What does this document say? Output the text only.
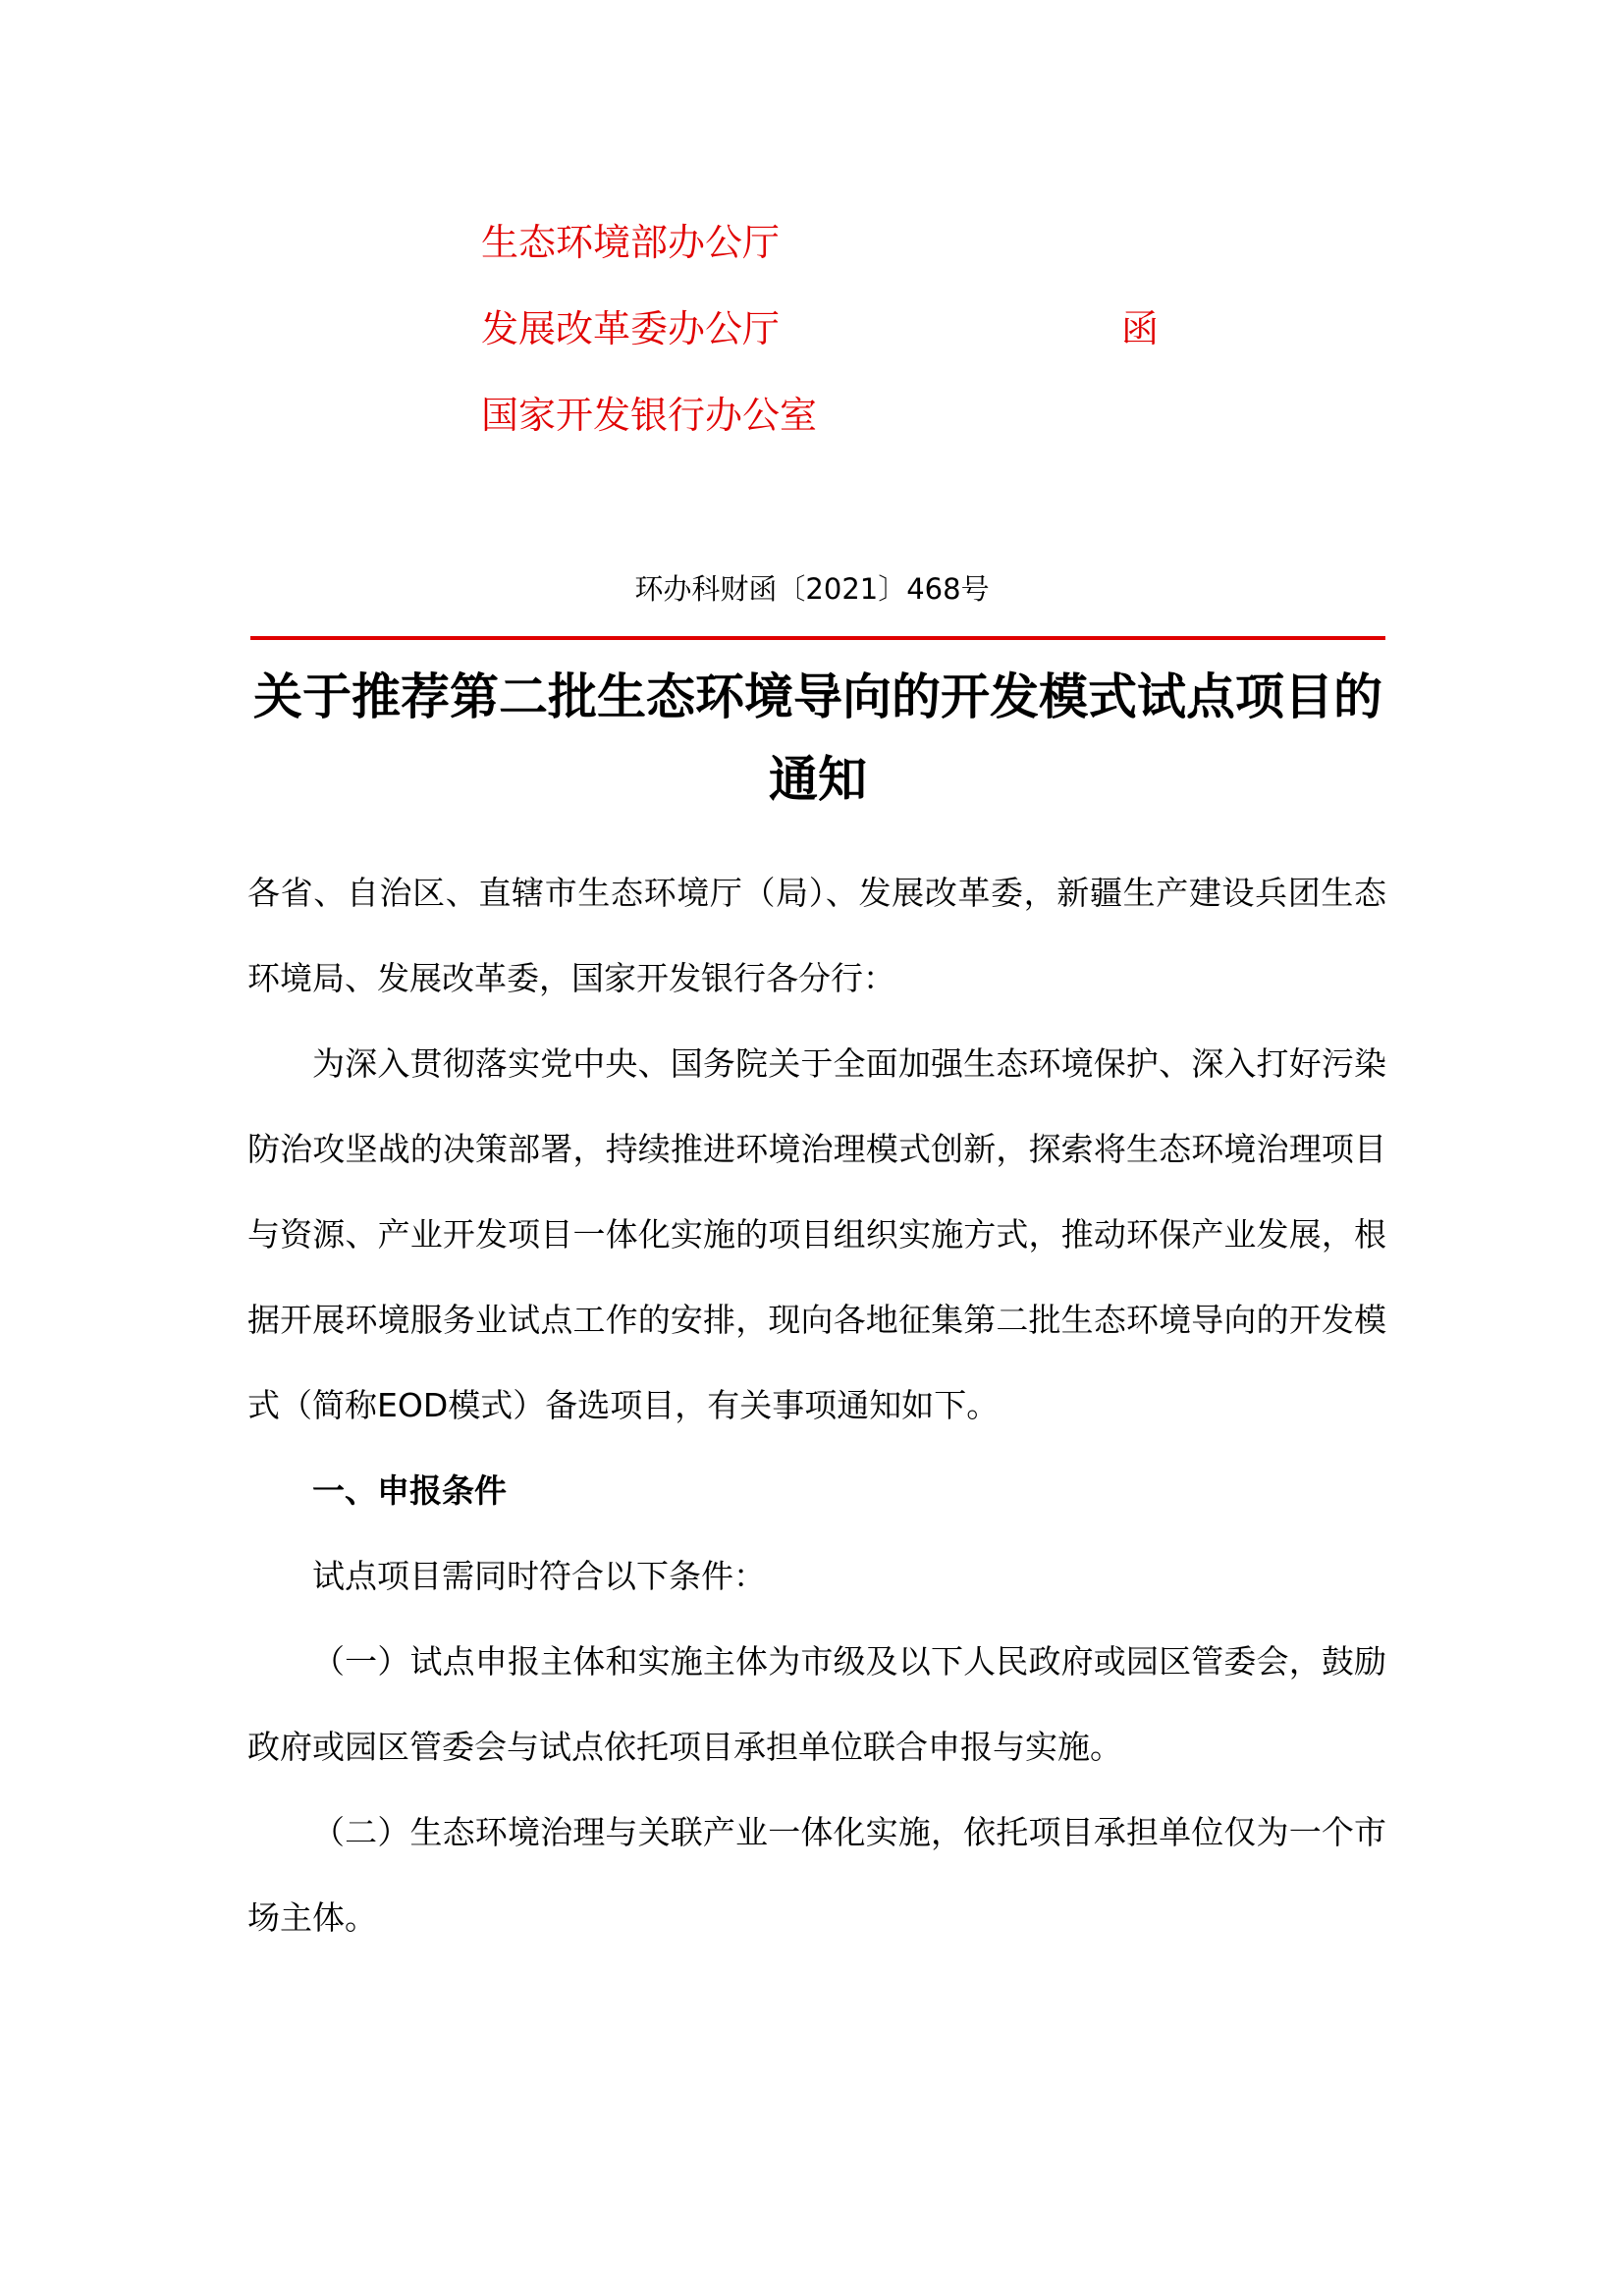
生态环境部办公厅
发展改革委办公厅
国家开发银行办公室
函
环办科财函〔2021〕468号
关于推荐第二批生态环境导向的开发模式试点项目的
通知
各省、自治区、直辖市生态环境厅（局）、发展改革委，新疆生产建设兵团生态环境局、发展改革委，国家开发银行各分行：
为深入贯彻落实党中央、国务院关于全面加强生态环境保护、深入打好污染防治攻坚战的决策部署，持续推进环境治理模式创新，探索将生态环境治理项目与资源、产业开发项目一体化实施的项目组织实施方式，推动环保产业发展，根据开展环境服务业试点工作的安排，现向各地征集第二批生态环境导向的开发模式（简称EOD模式）备选项目，有关事项通知如下。
一、申报条件
试点项目需同时符合以下条件：
（一）试点申报主体和实施主体为市级及以下人民政府或园区管委会，鼓励政府或园区管委会与试点依托项目承担单位联合申报与实施。
（二）生态环境治理与关联产业一体化实施，依托项目承担单位仅为一个市场主体。
